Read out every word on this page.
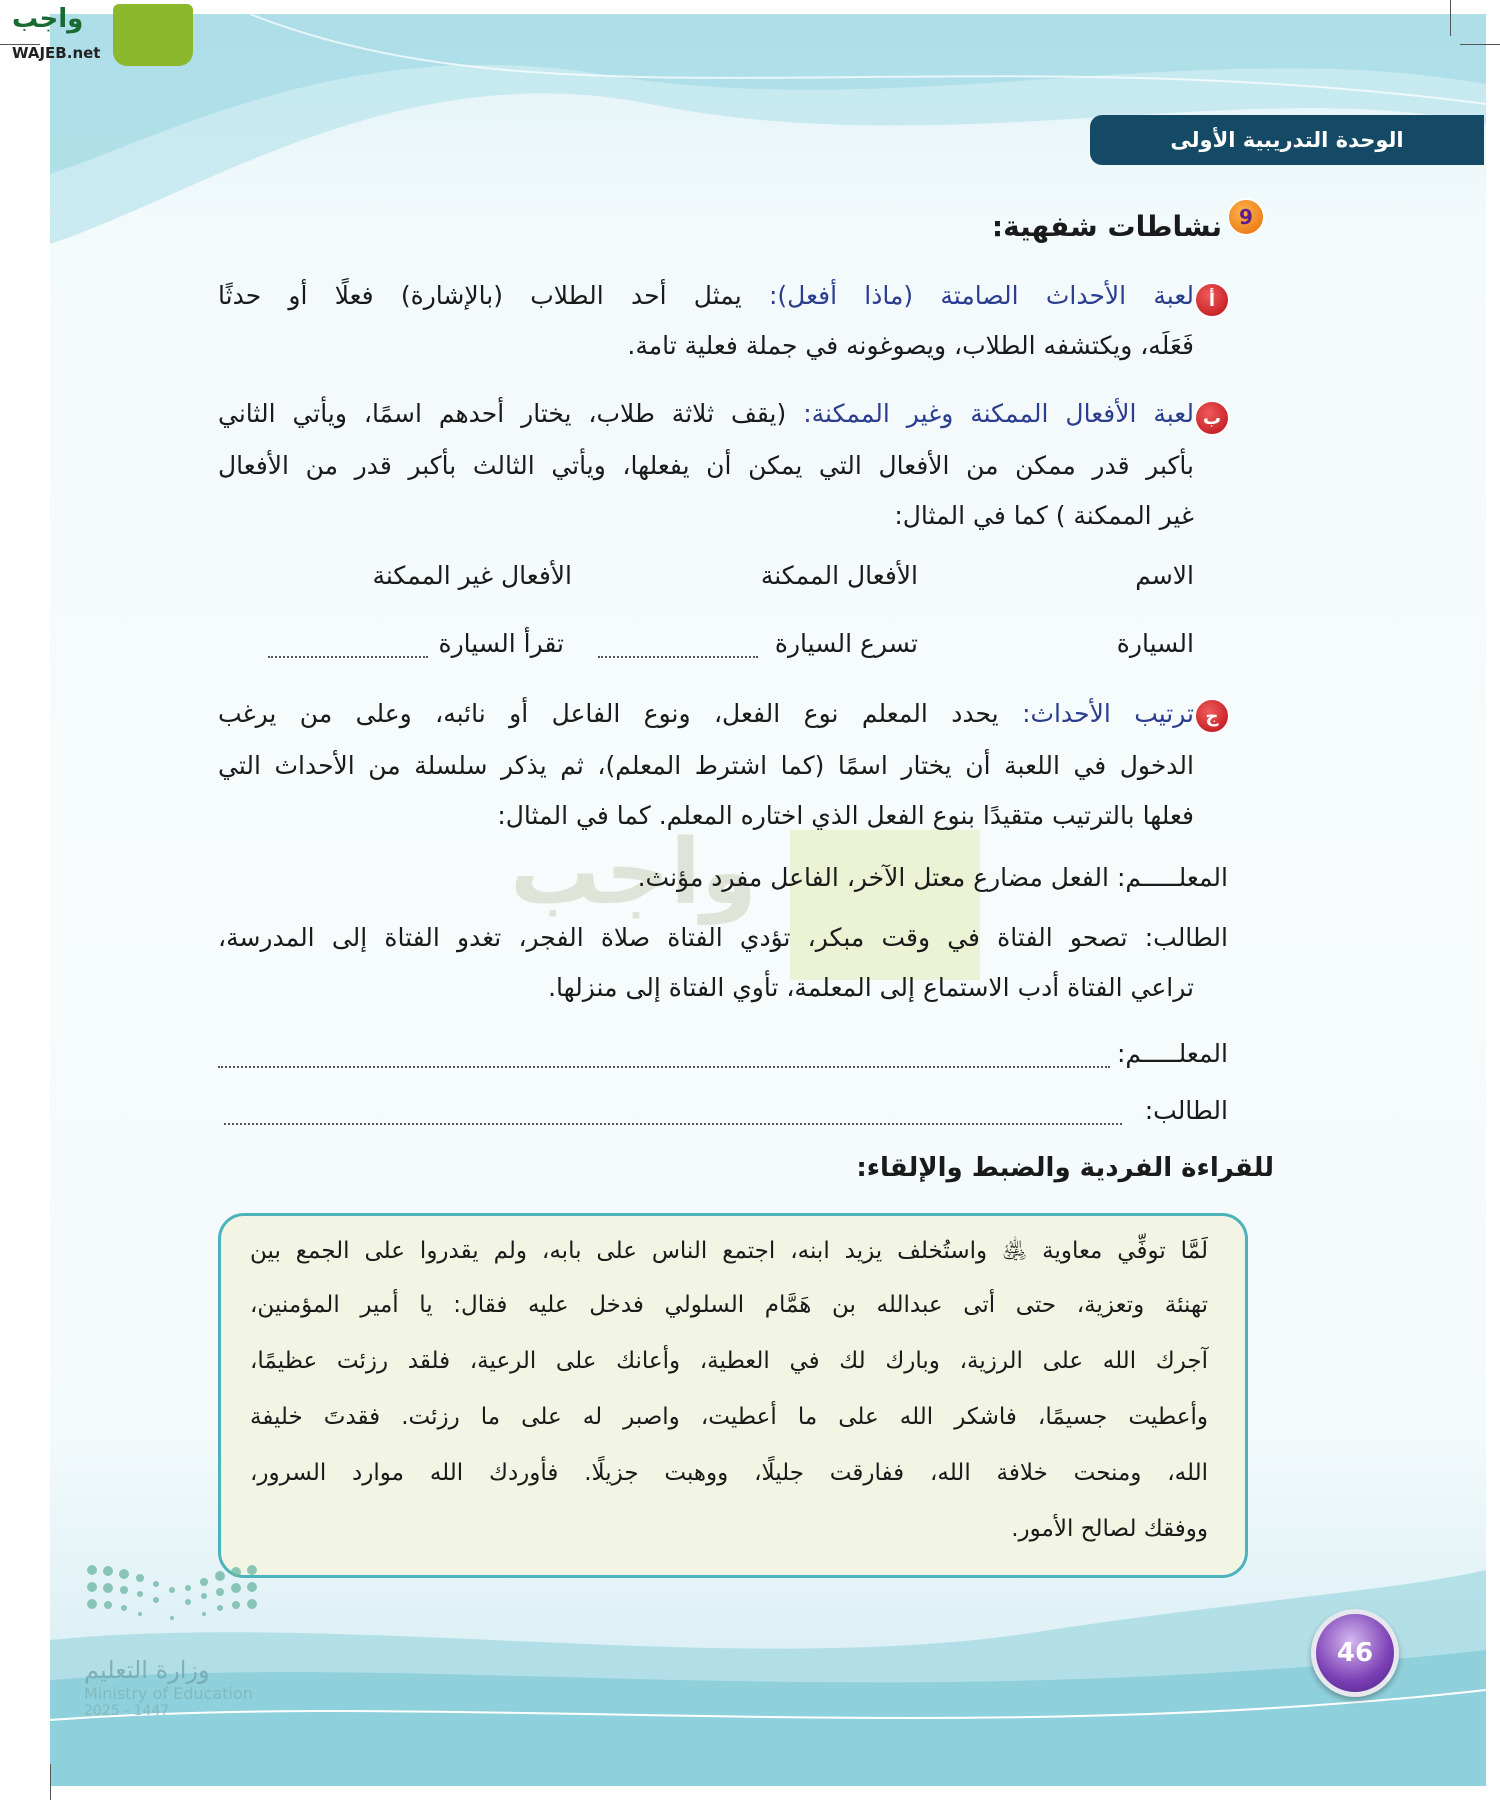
واجب
WAJEB.net
الوحدة التدريبية الأولى
9
نشاطات شفهية:
أ
لعبة الأحداث الصامتة (ماذا أفعل): يمثل أحد الطلاب (بالإشارة) فعلًا أو حدثًا
فَعَلَه، ويكتشفه الطلاب، ويصوغونه في جملة فعلية تامة.
ب
لعبة الأفعال الممكنة وغير الممكنة: (يقف ثلاثة طلاب، يختار أحدهم اسمًا، ويأتي الثاني
بأكبر قدر ممكن من الأفعال التي يمكن أن يفعلها، ويأتي الثالث بأكبر قدر من الأفعال
غير الممكنة ) كما في المثال:
الاسم
الأفعال الممكنة
الأفعال غير الممكنة
السيارة
تسرع السيارة
تقرأ السيارة
ج
ترتيب الأحداث: يحدد المعلم نوع الفعل، ونوع الفاعل أو نائبه، وعلى من يرغب
الدخول في اللعبة أن يختار اسمًا (كما اشترط المعلم)، ثم يذكر سلسلة من الأحداث التي
فعلها بالترتيب متقيدًا بنوع الفعل الذي اختاره المعلم. كما في المثال:
واجب	المعلـــــم: الفعل مضارع معتل الآخر، الفاعل مفرد مؤنث.
الطالب: تصحو الفتاة في وقت مبكر، تؤدي الفتاة صلاة الفجر، تغدو الفتاة إلى المدرسة،
تراعي الفتاة أدب الاستماع إلى المعلمة، تأوي الفتاة إلى منزلها.
المعلـــــم:
الطالب:
للقراءة الفردية والضبط والإلقاء:
لَمَّا توفِّي معاوية ﵁ واستُخلف يزيد ابنه، اجتمع الناس على بابه، ولم يقدروا على الجمع بين
تهنئة وتعزية، حتى أتى عبدالله بن هَمَّام السلولي فدخل عليه فقال: يا أمير المؤمنين،
آجرك الله على الرزية، وبارك لك في العطية، وأعانك على الرعية، فلقد رزئت عظيمًا،
وأعطيت جسيمًا، فاشكر الله على ما أعطيت، واصبر له على ما رزئت. فقدتَ خليفة
الله، ومنحت خلافة الله، ففارقت جليلًا، ووهبت جزيلًا. فأوردك الله موارد السرور،
ووفقك لصالح الأمور.
وزارة التعليم
Ministry of Education
2025 - 1447
46
